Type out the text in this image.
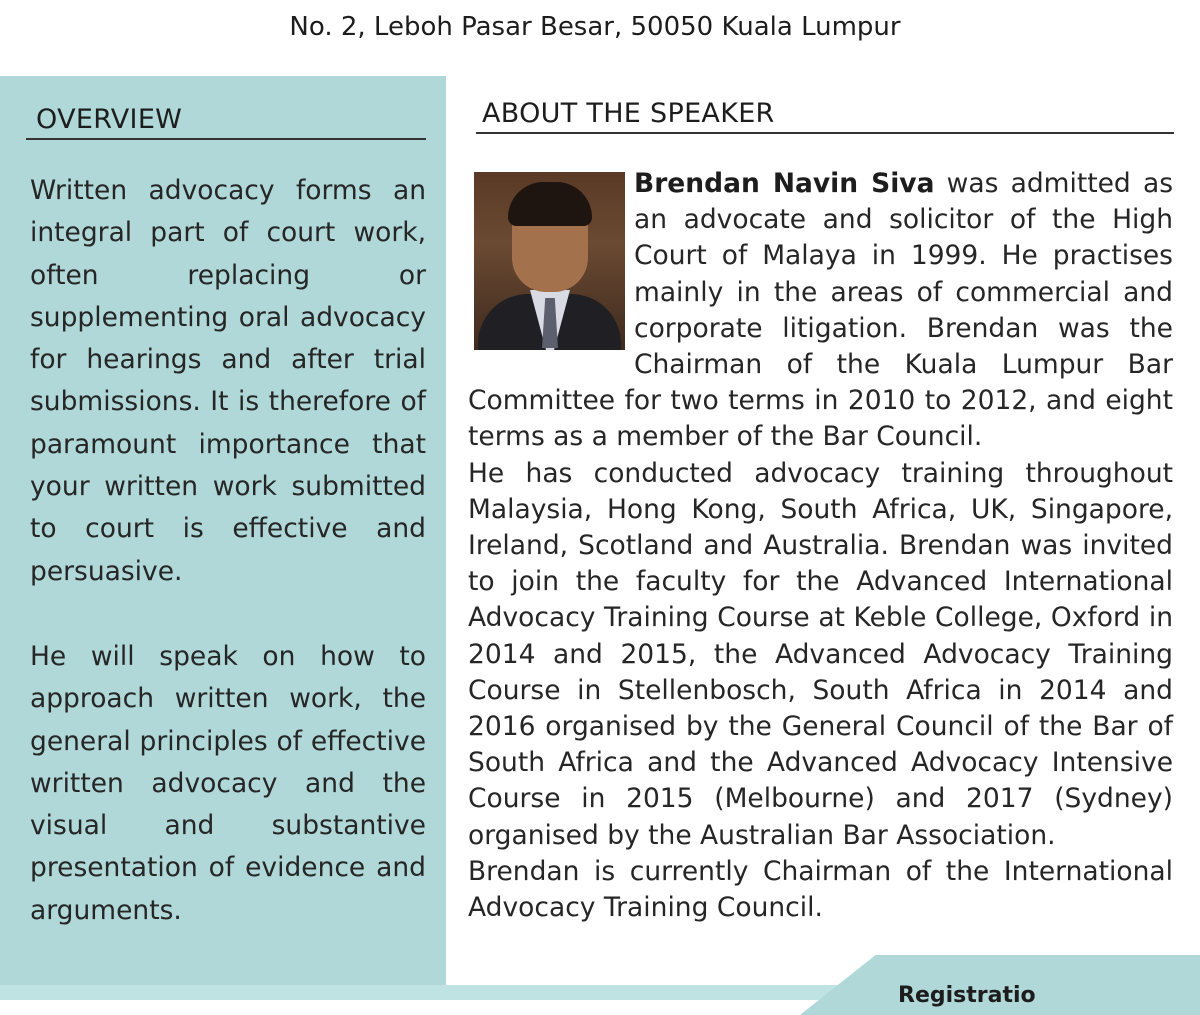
No. 2, Leboh Pasar Besar, 50050 Kuala Lumpur
OVERVIEW

Written advocacy forms an integral part of court work, often replacing or supplementing oral advocacy for hearings and after trial submissions. It is therefore of paramount importance that your written work submitted to court is effective and persuasive.

He will speak on how to approach written work, the general principles of effective written advocacy and the visual and substantive presentation of evidence and arguments.

ABOUT THE SPEAKER
Brendan Navin Siva was admitted as an advocate and solicitor of the High Court of Malaya in 1999. He practises mainly in the areas of commercial and corporate litigation. Brendan was the Chairman of the Kuala Lumpur Bar Committee for two terms in 2010 to 2012, and eight terms as a member of the Bar Council.
He has conducted advocacy training throughout Malaysia, Hong Kong, South Africa, UK, Singapore, Ireland, Scotland and Australia. Brendan was invited to join the faculty for the Advanced International Advocacy Training Course at Keble College, Oxford in 2014 and 2015, the Advanced Advocacy Training Course in Stellenbosch, South Africa in 2014 and 2016 organised by the General Council of the Bar of South Africa and the Advanced Advocacy Intensive Course in 2015 (Melbourne) and 2017 (Sydney) organised by the Australian Bar Association.
Brendan is currently Chairman of the International Advocacy Training Council.
Registratio
